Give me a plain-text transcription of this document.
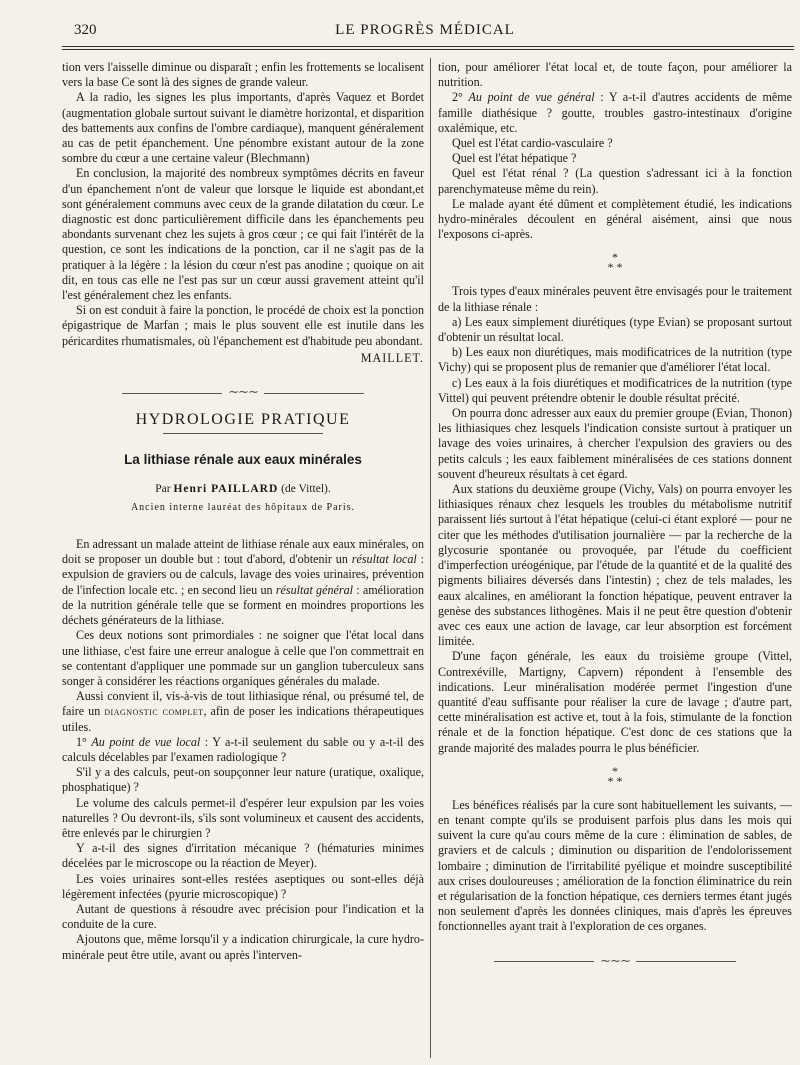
320	LE PROGRÈS MÉDICAL

tion vers l'aisselle diminue ou disparaît ; enfin les frottements se localisent vers la base Ce sont là des signes de grande valeur.

A la radio, les signes les plus importants, d'après Vaquez et Bordet (augmentation globale surtout suivant le diamètre horizontal, et disparition des battements aux confins de l'ombre cardiaque), manquent généralement au cas de petit épanchement. Une pénombre existant autour de la zone sombre du cœur a une certaine valeur (Blechmann)

En conclusion, la majorité des nombreux symptômes décrits en faveur d'un épanchement n'ont de valeur que lorsque le liquide est abondant,et sont généralement communs avec ceux de la grande dilatation du cœur. Le diagnostic est donc particulièrement difficile dans les épanchements peu abondants survenant chez les sujets à gros cœur ; ce qui fait l'intérêt de la question, ce sont les indications de la ponction, car il ne s'agit pas de la pratiquer à la légère : la lésion du cœur n'est pas anodine ; quoique on ait dit, en tous cas elle ne l'est pas sur un cœur aussi gravement atteint qu'il l'est généralement chez les enfants.

Si on est conduit à faire la ponction, le procédé de choix est la ponction épigastrique de Marfan ; mais le plus souvent elle est inutile dans les péricardites rhumatismales, où l'épanchement est d'habitude peu abondant.

MAILLET.
∼∼∼
HYDROLOGIE PRATIQUE
La lithiase rénale aux eaux minérales
Par Henri PAILLARD (de Vittel).
Ancien interne lauréat des hôpitaux de Paris.

En adressant un malade atteint de lithiase rénale aux eaux minérales, on doit se proposer un double but : tout d'abord, d'obtenir un résultat local : expulsion de graviers ou de calculs, lavage des voies urinaires, prévention de l'infection locale etc. ; en second lieu un résultat général : amélioration de la nutrition générale telle que se forment en moindres proportions les déchets générateurs de la lithiase.

Ces deux notions sont primordiales : ne soigner que l'état local dans une lithiase, c'est faire une erreur analogue à celle que l'on commettrait en se contentant d'appliquer une pommade sur un ganglion tuberculeux sans songer à considérer les réactions organiques générales du malade.

Aussi convient il, vis-à-vis de tout lithiasique rénal, ou présumé tel, de faire un diagnostic complet, afin de poser les indications thérapeutiques utiles.

1° Au point de vue local : Y a-t-il seulement du sable ou y a-t-il des calculs décelables par l'examen radiologique ?

S'il y a des calculs, peut-on soupçonner leur nature (uratique, oxalique, phosphatique) ?

Le volume des calculs permet-il d'espérer leur expulsion par les voies naturelles ? Ou devront-ils, s'ils sont volumineux et causent des accidents, être enlevés par le chirurgien ?

Y a-t-il des signes d'irritation mécanique ? (hématuries minimes décelées par le microscope ou la réaction de Meyer).

Les voies urinaires sont-elles restées aseptiques ou sont-elles déjà légèrement infectées (pyurie microscopique) ?

Autant de questions à résoudre avec précision pour l'indication et la conduite de la cure.

Ajoutons que, même lorsqu'il y a indication chirurgicale, la cure hydro-minérale peut être utile, avant ou après l'interven-

tion, pour améliorer l'état local et, de toute façon, pour améliorer la nutrition.

2° Au point de vue général : Y a-t-il d'autres accidents de même famille diathésique ? goutte, troubles gastro-intestinaux d'origine oxalémique, etc.

Quel est l'état cardio-vasculaire ?

Quel est l'état hépatique ?

Quel est l'état rénal ? (La question s'adressant ici à la fonction parenchymateuse même du rein).

Le malade ayant été dûment et complètement étudié, les indications hydro-minérales découlent en général aisément, ainsi que nous l'exposons ci-après.

*
* *

Trois types d'eaux minérales peuvent être envisagés pour le traitement de la lithiase rénale :

a) Les eaux simplement diurétiques (type Evian) se proposant surtout d'obtenir un résultat local.

b) Les eaux non diurétiques, mais modificatrices de la nutrition (type Vichy) qui se proposent plus de remanier que d'améliorer l'état local.

c) Les eaux à la fois diurétiques et modificatrices de la nutrition (type Vittel) qui peuvent prétendre obtenir le double résultat précité.

On pourra donc adresser aux eaux du premier groupe (Evian, Thonon) les lithiasiques chez lesquels l'indication consiste surtout à pratiquer un lavage des voies urinaires, à chercher l'expulsion des graviers ou des petits calculs ; les eaux faiblement minéralisées de ces stations donnent souvent d'heureux résultats à cet égard.

Aux stations du deuxième groupe (Vichy, Vals) on pourra envoyer les lithiasiques rénaux chez lesquels les troubles du métabolisme nutritif paraissent liés surtout à l'état hépatique (celui-ci étant exploré — pour ne citer que les méthodes d'utilisation journalière — par la recherche de la glycosurie spontanée ou provoquée, par l'étude du coefficient d'imperfection uréogénique, par l'étude de la quantité et de la qualité des pigments biliaires déversés dans l'intestin) ; chez de tels malades, les eaux alcalines, en améliorant la fonction hépatique, peuvent entraver la genèse des substances lithogènes. Mais il ne peut être question d'obtenir avec ces eaux une action de lavage, car leur absorption est forcément limitée.

D'une façon générale, les eaux du troisième groupe (Vittel, Contrexéville, Martigny, Capvern) répondent à l'ensemble des indications. Leur minéralisation modérée permet l'ingestion d'une quantité d'eau suffisante pour réaliser la cure de lavage ; d'autre part, cette minéralisation est active et, tout à la fois, stimulante de la fonction rénale et de la fonction hépatique. C'est donc de ces stations que la grande majorité des malades pourra le plus bénéficier.

*
* *

Les bénéfices réalisés par la cure sont habituellement les suivants, — en tenant compte qu'ils se produisent parfois plus dans les mois qui suivent la cure qu'au cours même de la cure : élimination de sables, de graviers et de calculs ; diminution ou disparition de l'endolorissement lombaire ; diminution de l'irritabilité pyélique et moindre susceptibilité aux crises douloureuses ; amélioration de la fonction éliminatrice du rein et régularisation de la fonction hépatique, ces derniers termes étant jugés non seulement d'après les données cliniques, mais d'après les épreuves fonctionnelles ayant trait à l'exploration de ces organes.

∼∼∼
